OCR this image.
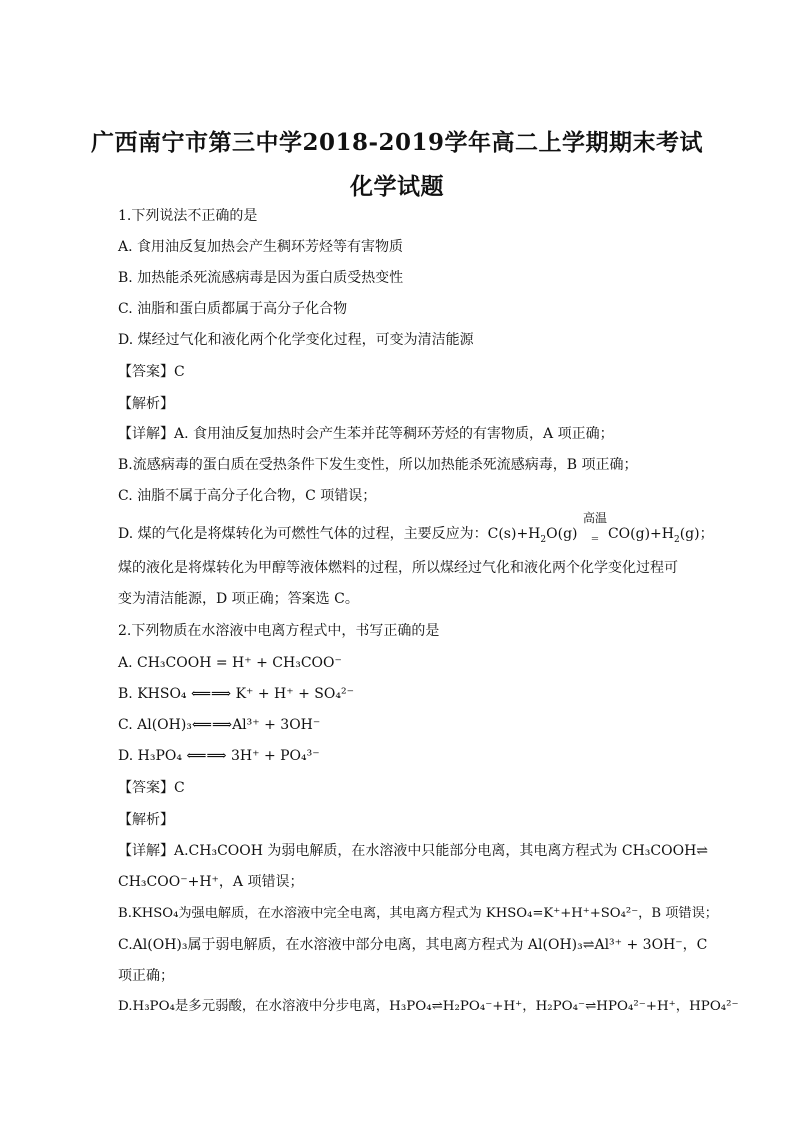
广西南宁市第三中学2018-2019学年高二上学期期末考试
化学试题
1.下列说法不正确的是
A. 食用油反复加热会产生稠环芳烃等有害物质
B. 加热能杀死流感病毒是因为蛋白质受热变性
C. 油脂和蛋白质都属于高分子化合物
D. 煤经过气化和液化两个化学变化过程，可变为清洁能源
【答案】C
【解析】
【详解】A. 食用油反复加热时会产生苯并芘等稠环芳烃的有害物质，A 项正确；
B.流感病毒的蛋白质在受热条件下发生变性，所以加热能杀死流感病毒，B 项正确；
C. 油脂不属于高分子化合物，C 项错误；
D. 煤的气化是将煤转化为可燃性气体的过程，主要反应为：$C(s)+H_2O(g)$
高温
= $CO(g)+H_2(g)$；
煤的液化是将煤转化为甲醇等液体燃料的过程，所以煤经过气化和液化两个化学变化过程可
变为清洁能源，D 项正确；答案选 C。
2.下列物质在水溶液中电离方程式中，书写正确的是
A. CH₃COOH = H⁺ + CH₃COO⁻
B. KHSO₄ ⟸⟹ K⁺ + H⁺ + SO₄²⁻
C. Al(OH)₃⟸⟹Al³⁺ + 3OH⁻
D. H₃PO₄ ⟸⟹ 3H⁺ + PO₄³⁻
【答案】C
【解析】
【详解】A.CH₃COOH 为弱电解质，在水溶液中只能部分电离，其电离方程式为 CH₃COOH⇌
CH₃COO⁻+H⁺，A 项错误；
B.KHSO₄为强电解质，在水溶液中完全电离，其电离方程式为 KHSO₄=K⁺+H⁺+SO₄²⁻，B 项错误；
C.Al(OH)₃属于弱电解质，在水溶液中部分电离，其电离方程式为 Al(OH)₃⇌Al³⁺ + 3OH⁻，C
项正确；
D.H₃PO₄是多元弱酸，在水溶液中分步电离，H₃PO₄⇌H₂PO₄⁻+H⁺，H₂PO₄⁻⇌HPO₄²⁻+H⁺，HPO₄²⁻
